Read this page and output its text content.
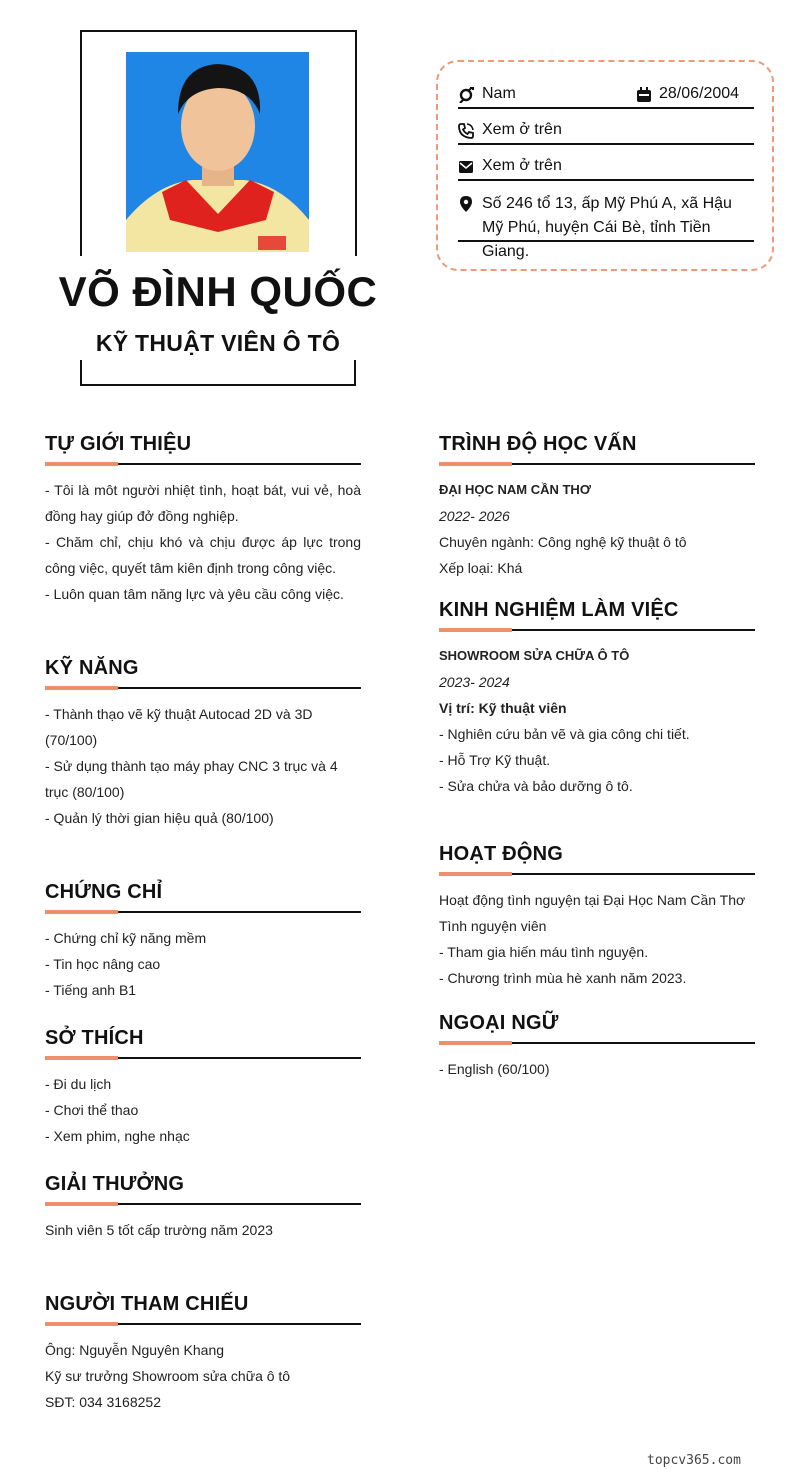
VÕ ĐÌNH QUỐC
KỸ THUẬT VIÊN Ô TÔ
Nam	28/06/2004
Xem ở trên
Xem ở trên
Số 246 tổ 13, ấp Mỹ Phú A, xã Hậu Mỹ Phú, huyện Cái Bè, tỉnh Tiền Giang.
TỰ GIỚI THIỆU
- Tôi là môt người nhiệt tình, hoạt bát, vui vẻ, hoà đồng hay giúp đở đồng nghiệp.
- Chăm chỉ, chịu khó và chịu được áp lực trong công việc, quyết tâm kiên định trong công việc.
- Luôn quan tâm năng lực và yêu cầu công việc.
KỸ NĂNG
- Thành thạo vẽ kỹ thuật Autocad 2D và 3D (70/100)
- Sử dụng thành tạo máy phay CNC 3 trục và 4 trục (80/100)
- Quản lý thời gian hiệu quả (80/100)
CHỨNG CHỈ
- Chứng chỉ kỹ năng mềm
- Tin học nâng cao
- Tiếng anh B1
SỞ THÍCH
- Đi du lịch
- Chơi thể thao
- Xem phim, nghe nhạc
GIẢI THƯỞNG
Sinh viên 5 tốt cấp trường năm 2023
NGƯỜI THAM CHIẾU
Ông: Nguyễn Nguyên Khang
Kỹ sư trưởng Showroom sửa chữa ô tô
SĐT: 034 3168252
TRÌNH ĐỘ HỌC VẤN
ĐẠI HỌC NAM CẦN THƠ
2022- 2026
Chuyên ngành: Công nghệ kỹ thuật ô tô
Xếp loại: Khá
KINH NGHIỆM LÀM VIỆC
SHOWROOM SỬA CHỮA Ô TÔ
2023- 2024
Vị trí: Kỹ thuật viên
- Nghiên cứu bản vẽ và gia công chi tiết.
- Hỗ Trợ Kỹ thuật.
- Sửa chửa và bảo dưỡng ô tô.
HOẠT ĐỘNG
Hoạt động tình nguyện tại Đại Học Nam Cần Thơ
Tình nguyện viên
- Tham gia hiến máu tình nguyện.
- Chương trình mùa hè xanh năm 2023.
NGOẠI NGỮ
- English (60/100)
topcv365.com
